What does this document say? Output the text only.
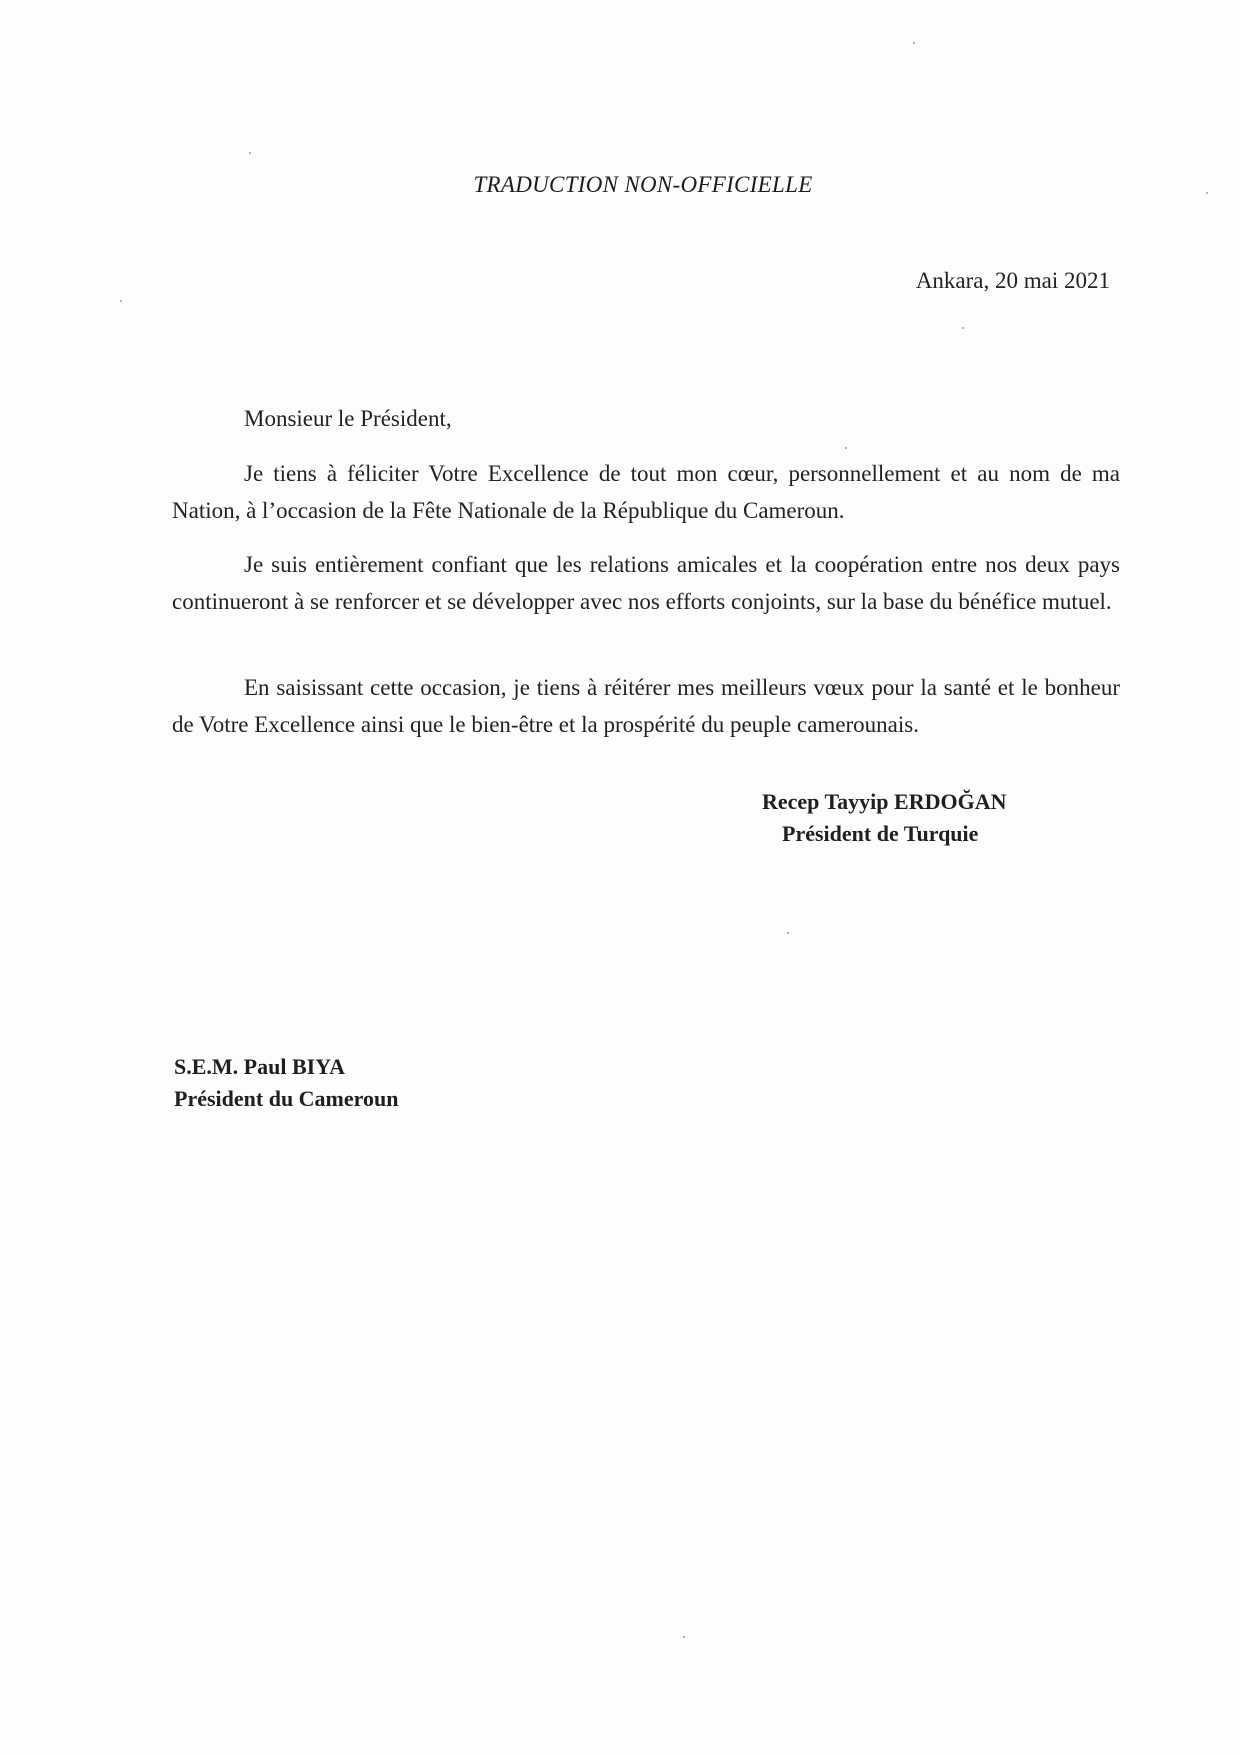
TRADUCTION NON-OFFICIELLE
Ankara, 20 mai 2021
Monsieur le Président,

Je tiens à féliciter Votre Excellence de tout mon cœur, personnellement et au nom de ma Nation, à l’occasion de la Fête Nationale de la République du Cameroun.

Je suis entièrement confiant que les relations amicales et la coopération entre nos deux pays continueront à se renforcer et se développer avec nos efforts conjoints, sur la base du bénéfice mutuel.

En saisissant cette occasion, je tiens à réitérer mes meilleurs vœux pour la santé et le bonheur de Votre Excellence ainsi que le bien-être et la prospérité du peuple camerounais.

Recep Tayyip ERDOĞAN
Président de Turquie
S.E.M. Paul BIYA
Président du Cameroun
